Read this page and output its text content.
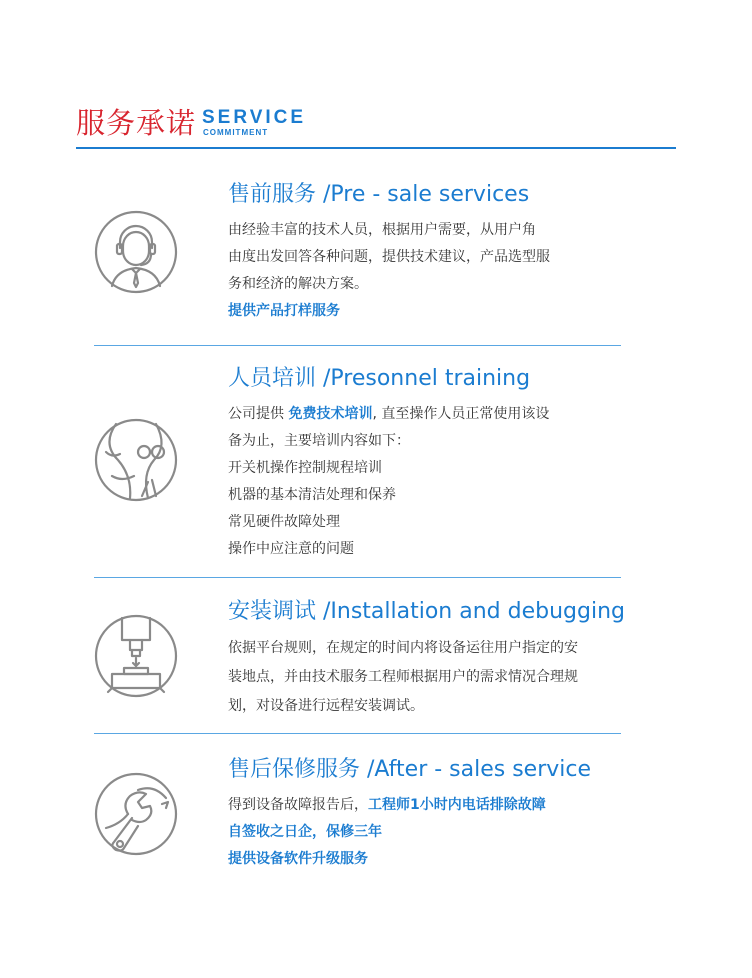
服务承诺 SERVICE
COMMITMENT
售前服务 /Pre - sale services
由经验丰富的技术人员，根据用户需要，从用户角
由度出发回答各种问题，提供技术建议，产品选型服
务和经济的解决方案。
提供产品打样服务
人员培训 /Presonnel training
公司提供 免费技术培训, 直至操作人员正常使用该设
备为止，主要培训内容如下：
开关机操作控制规程培训
机器的基本清洁处理和保养
常见硬件故障处理
操作中应注意的问题
安装调试 /Installation and debugging
依据平台规则，在规定的时间内将设备运往用户指定的安
装地点，并由技术服务工程师根据用户的需求情况合理规
划，对设备进行远程安装调试。
售后保修服务 /After - sales service
得到设备故障报告后，工程师1小时内电话排除故障
自签收之日企，保修三年
提供设备软件升级服务
